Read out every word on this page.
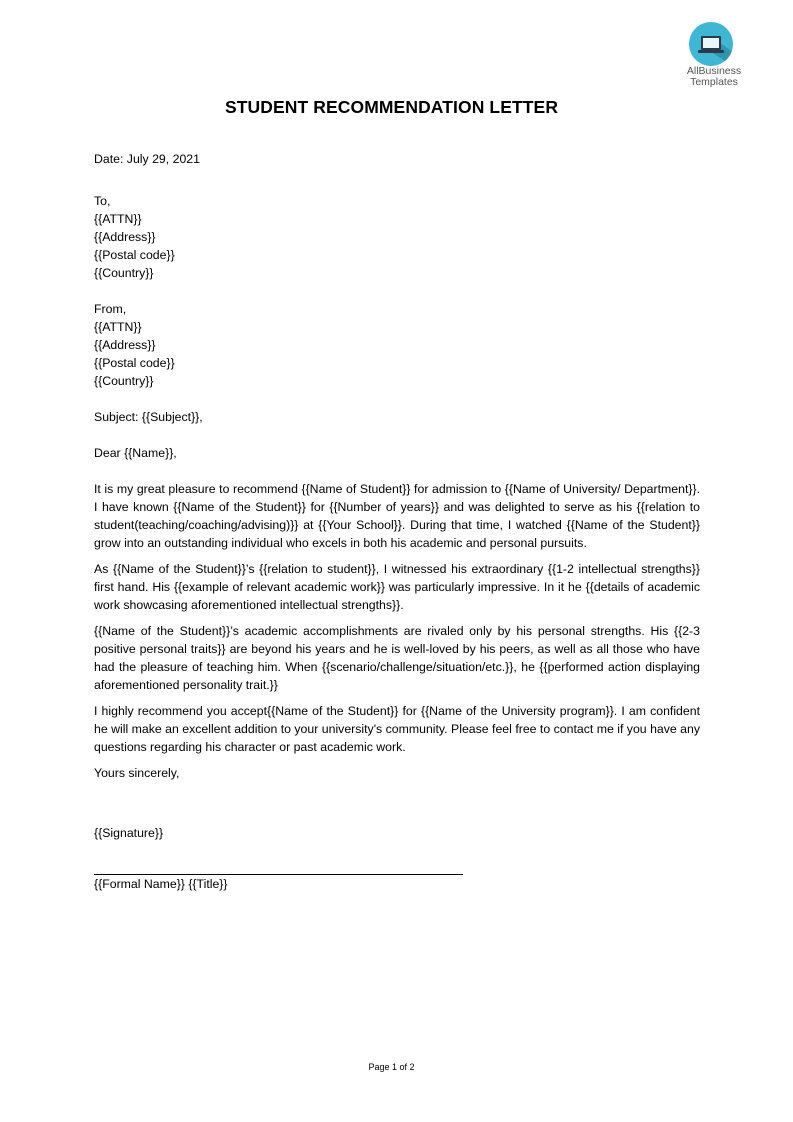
AllBusiness
Templates
STUDENT RECOMMENDATION LETTER
Date: July 29, 2021
To,
{{ATTN}}
{{Address}}
{{Postal code}}
{{Country}}
From,
{{ATTN}}
{{Address}}
{{Postal code}}
{{Country}}
Subject: {{Subject}},
Dear {{Name}},

It is my great pleasure to recommend {{Name of Student}} for admission to {{Name of University/ Department}}. I have known {{Name of the Student}} for {{Number of years}} and was delighted to serve as his {{relation to student(teaching/coaching/advising)}} at {{Your School}}. During that time, I watched {{Name of the Student}} grow into an outstanding individual who excels in both his academic and personal pursuits.

As {{Name of the Student}}’s {{relation to student}}, I witnessed his extraordinary {{1-2 intellectual strengths}} first hand. His {{example of relevant academic work}} was particularly impressive. In it he {{details of academic work showcasing aforementioned intellectual strengths}}.

{{Name of the Student}}’s academic accomplishments are rivaled only by his personal strengths. His {{2-3 positive personal traits}} are beyond his years and he is well-loved by his peers, as well as all those who have had the pleasure of teaching him. When {{scenario/challenge/situation/etc.}}, he {{performed action displaying aforementioned personality trait.}}

I highly recommend you accept{{Name of the Student}} for {{Name of the University program}}. I am confident he will make an excellent addition to your university's community. Please feel free to contact me if you have any questions regarding his character or past academic work.

Yours sincerely,
{{Signature}}
{{Formal Name}} {{Title}}
Page 1 of 2
